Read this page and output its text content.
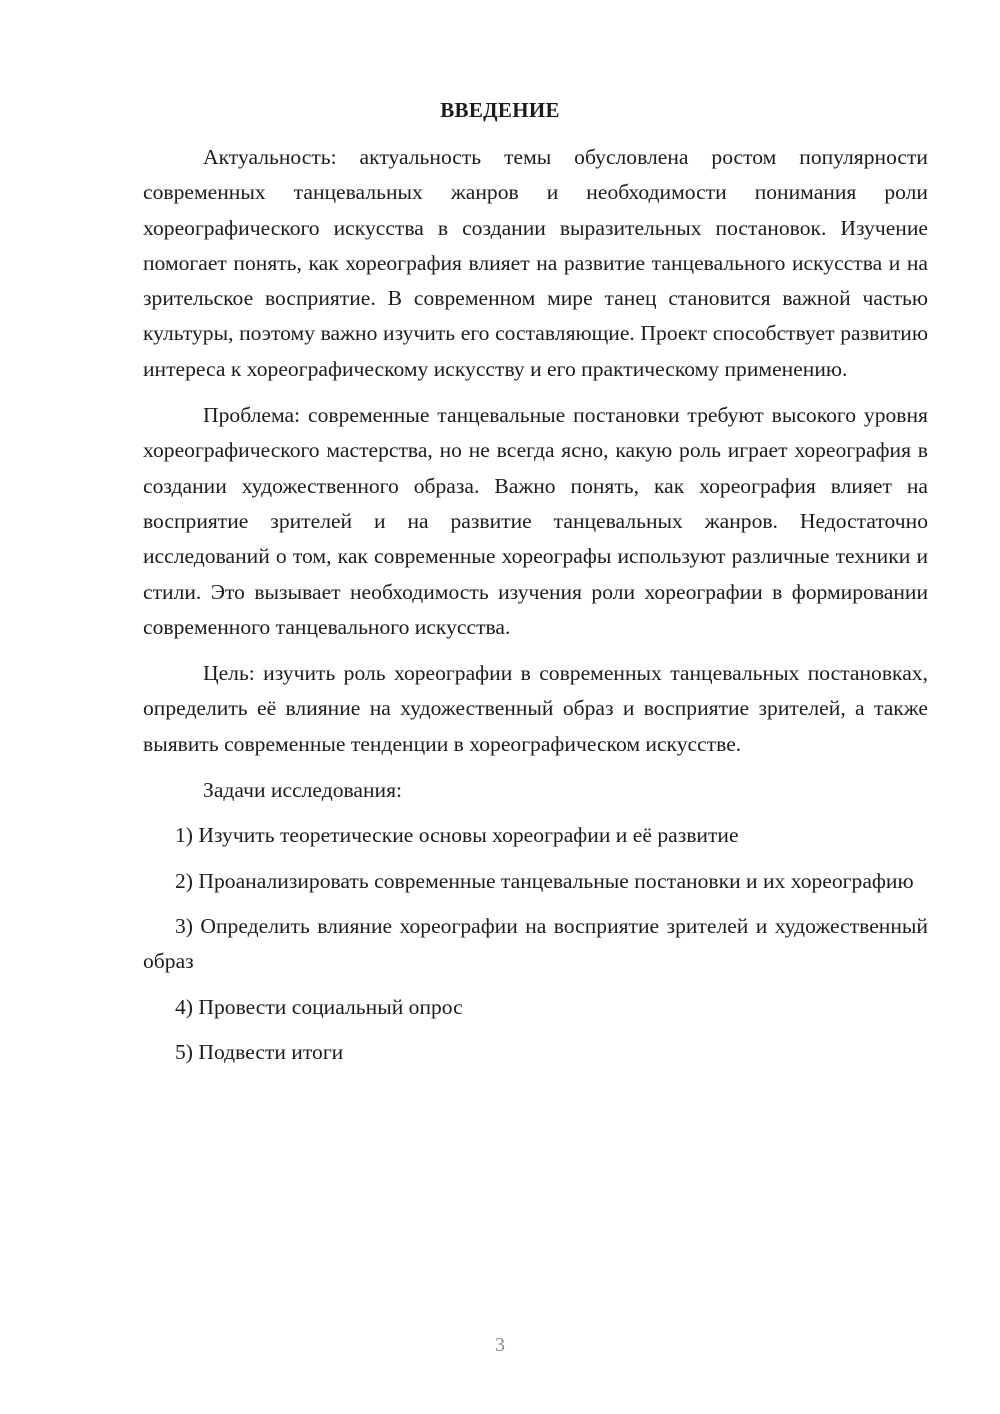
ВВЕДЕНИЕ

Актуальность: актуальность темы обусловлена ростом популярности современных танцевальных жанров и необходимости понимания роли хореографического искусства в создании выразительных постановок. Изучение помогает понять, как хореография влияет на развитие танцевального искусства и на зрительское восприятие. В современном мире танец становится важной частью культуры, поэтому важно изучить его составляющие. Проект способствует развитию интереса к хореографическому искусству и его практическому применению.

Проблема: современные танцевальные постановки требуют высокого уровня хореографического мастерства, но не всегда ясно, какую роль играет хореография в создании художественного образа. Важно понять, как хореография влияет на восприятие зрителей и на развитие танцевальных жанров. Недостаточно исследований о том, как современные хореографы используют различные техники и стили. Это вызывает необходимость изучения роли хореографии в формировании современного танцевального искусства.

Цель: изучить роль хореографии в современных танцевальных постановках, определить её влияние на художественный образ и восприятие зрителей, а также выявить современные тенденции в хореографическом искусстве.

Задачи исследования:

1) Изучить теоретические основы хореографии и её развитие

2) Проанализировать современные танцевальные постановки и их хореографию

3) Определить влияние хореографии на восприятие зрителей и художественный образ

4) Провести социальный опрос

5) Подвести итоги

3
